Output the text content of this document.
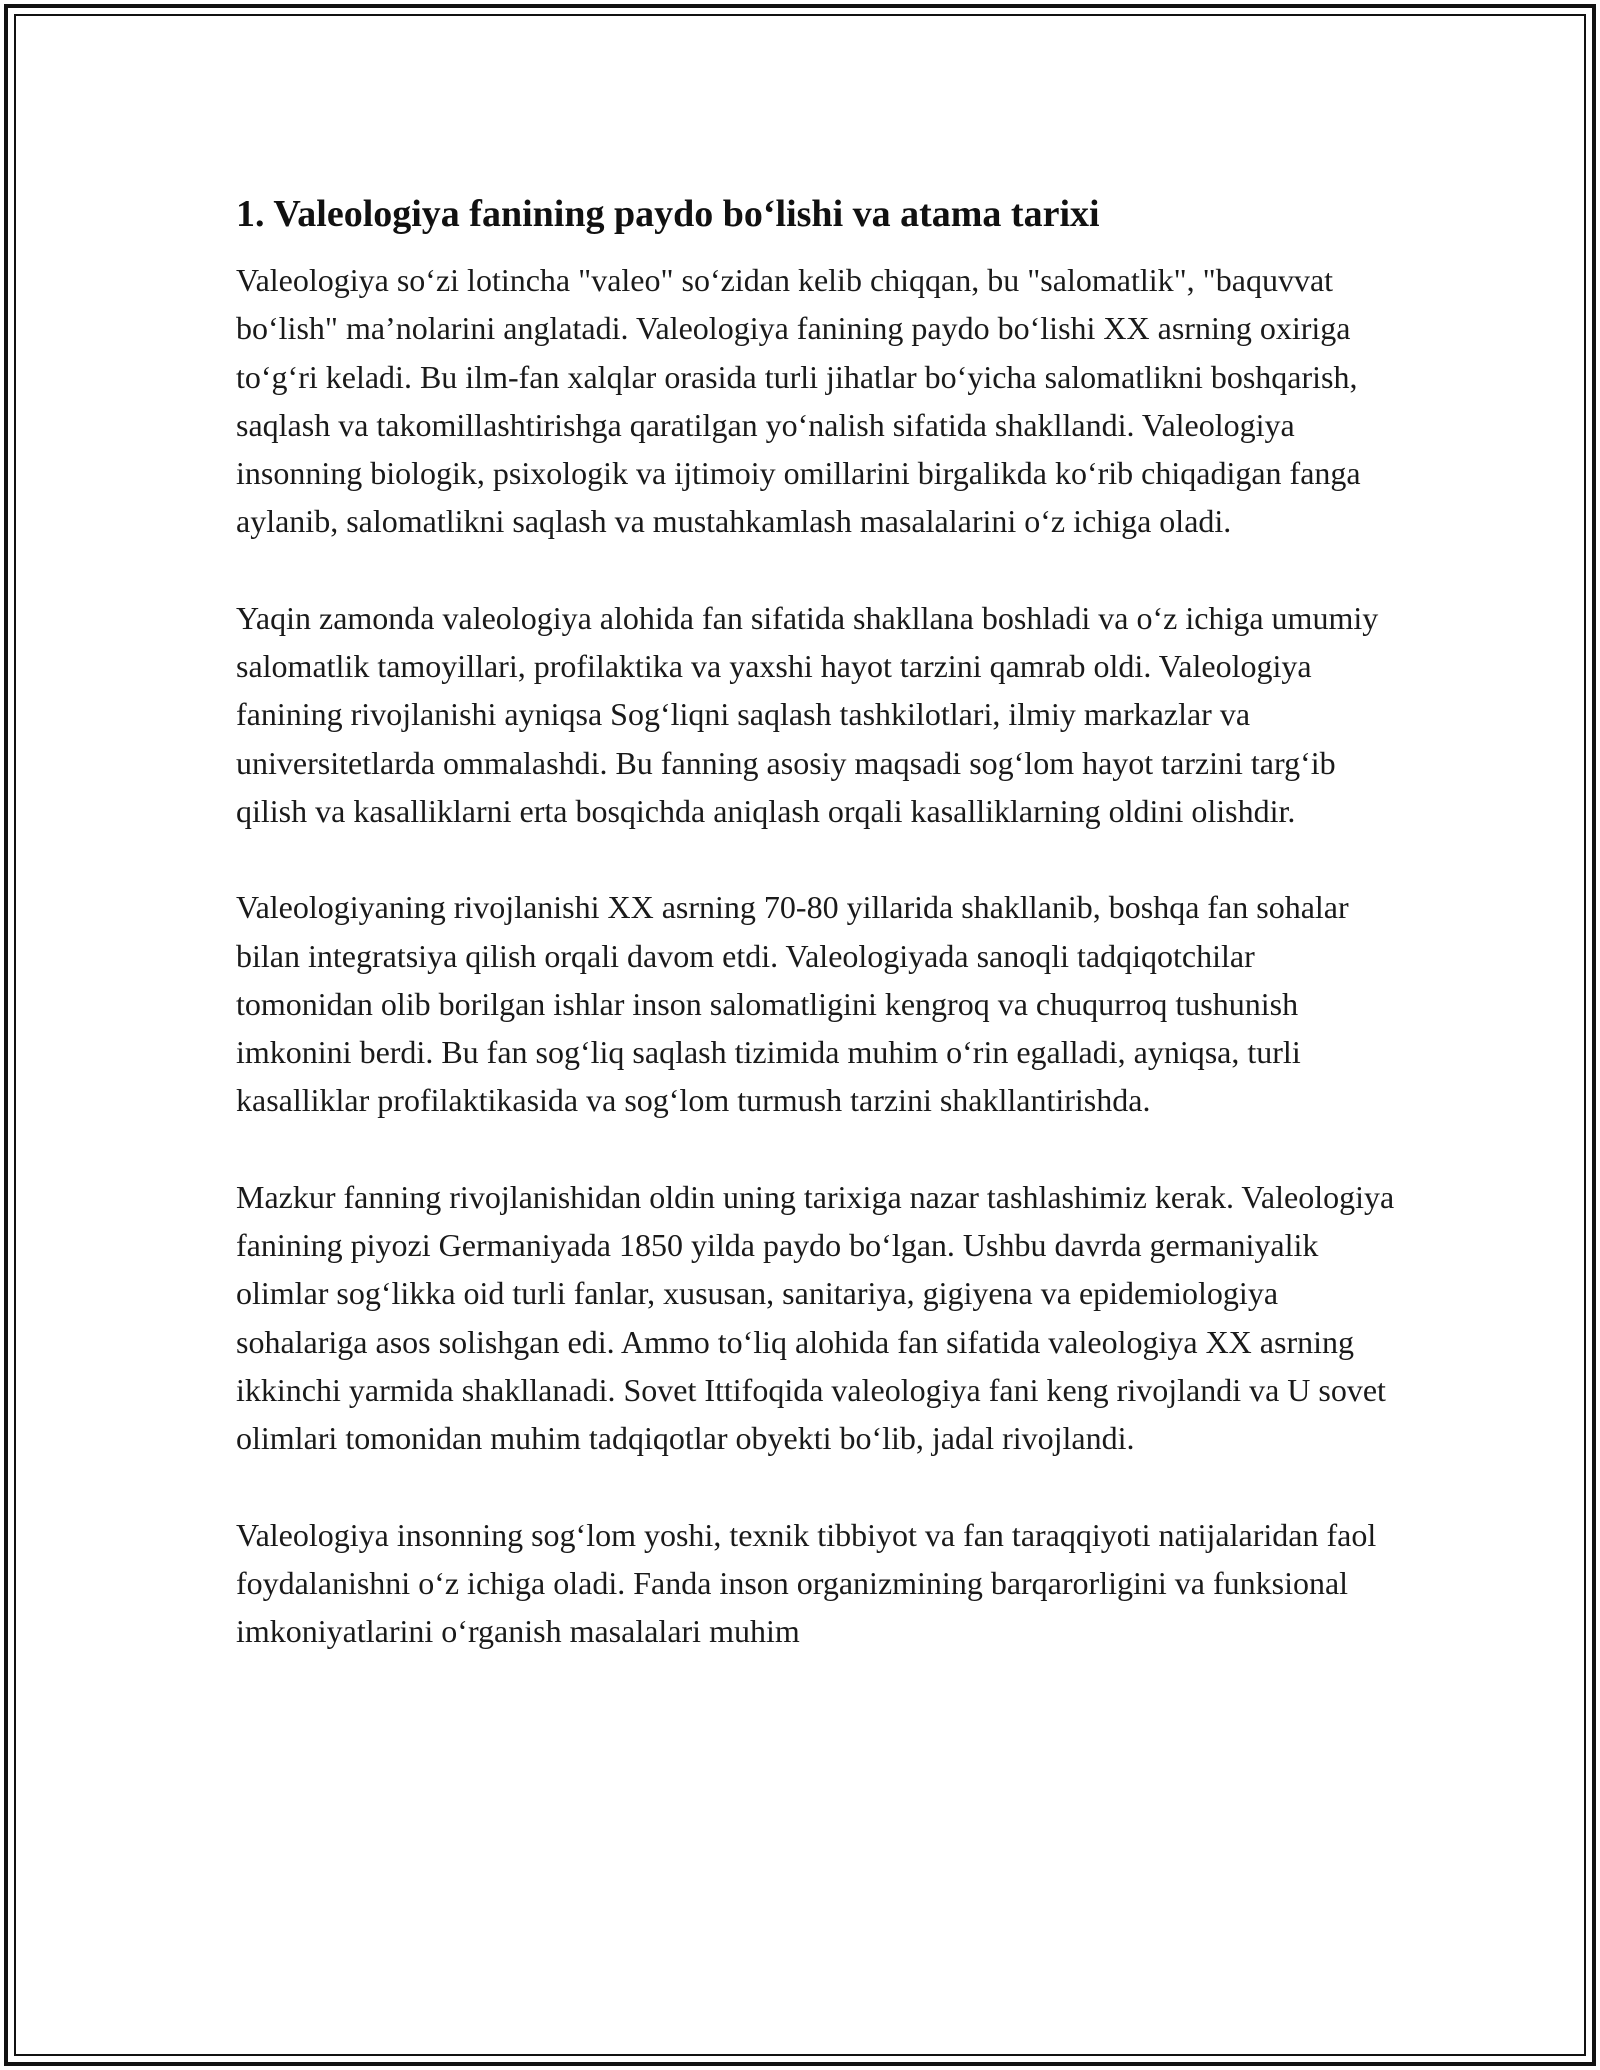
1. Valeologiya fanining paydo bo‘lishi va atama tarixi

Valeologiya so‘zi lotincha "valeo" so‘zidan kelib chiqqan, bu "salomatlik", "baquvvat bo‘lish" ma’nolarini anglatadi. Valeologiya fanining paydo bo‘lishi XX asrning oxiriga to‘g‘ri keladi. Bu ilm-fan xalqlar orasida turli jihatlar bo‘yicha salomatlikni boshqarish, saqlash va takomillashtirishga qaratilgan yo‘nalish sifatida shakllandi. Valeologiya insonning biologik, psixologik va ijtimoiy omillarini birgalikda ko‘rib chiqadigan fanga aylanib, salomatlikni saqlash va mustahkamlash masalalarini o‘z ichiga oladi.

Yaqin zamonda valeologiya alohida fan sifatida shakllana boshladi va o‘z ichiga umumiy salomatlik tamoyillari, profilaktika va yaxshi hayot tarzini qamrab oldi. Valeologiya fanining rivojlanishi ayniqsa Sog‘liqni saqlash tashkilotlari, ilmiy markazlar va universitetlarda ommalashdi. Bu fanning asosiy maqsadi sog‘lom hayot tarzini targ‘ib qilish va kasalliklarni erta bosqichda aniqlash orqali kasalliklarning oldini olishdir.

Valeologiyaning rivojlanishi XX asrning 70-80 yillarida shakllanib, boshqa fan sohalar bilan integratsiya qilish orqali davom etdi. Valeologiyada sanoqli tadqiqotchilar tomonidan olib borilgan ishlar inson salomatligini kengroq va chuqurroq tushunish imkonini berdi. Bu fan sog‘liq saqlash tizimida muhim o‘rin egalladi, ayniqsa, turli kasalliklar profilaktikasida va sog‘lom turmush tarzini shakllantirishda.

Mazkur fanning rivojlanishidan oldin uning tarixiga nazar tashlashimiz kerak. Valeologiya fanining piyozi Germaniyada 1850 yilda paydo bo‘lgan. Ushbu davrda germaniyalik olimlar sog‘likka oid turli fanlar, xususan, sanitariya, gigiyena va epidemiologiya sohalariga asos solishgan edi. Ammo to‘liq alohida fan sifatida valeologiya XX asrning ikkinchi yarmida shakllanadi. Sovet Ittifoqida valeologiya fani keng rivojlandi va U sovet olimlari tomonidan muhim tadqiqotlar obyekti bo‘lib, jadal rivojlandi.

Valeologiya insonning sog‘lom yoshi, texnik tibbiyot va fan taraqqiyoti natijalaridan faol foydalanishni o‘z ichiga oladi. Fanda inson organizmining barqarorligini va funksional imkoniyatlarini o‘rganish masalalari muhim
